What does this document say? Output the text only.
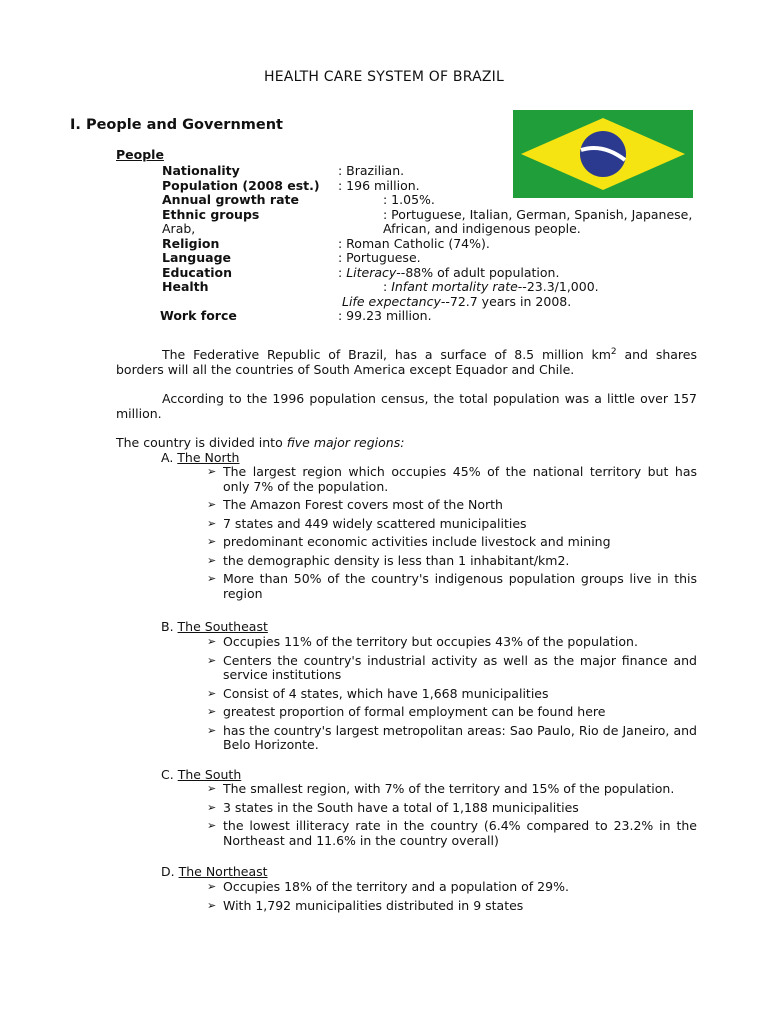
HEALTH CARE SYSTEM OF BRAZIL
I. People and Government
People
Nationality	: Brazilian.
Population (2008 est.) : 196 million.
Annual growth rate	: 1.05%.
Ethnic groups	: Portuguese, Italian, German, Spanish, Japanese,
Arab,	African, and indigenous people.
Religion	: Roman Catholic (74%).
Language	: Portuguese.
Education	: Literacy--88% of adult population.
Health	: Infant mortality rate--23.3/1,000.
Life expectancy--72.7 years in 2008.
Work force	: 99.23 million.
The Federative Republic of Brazil, has a surface of 8.5 million $km^2$ and shares borders will all the countries of South America except Equador and Chile.
According to the 1996 population census, the total population was a little over 157 million.
The country is divided into five major regions:
A. The North
➢ The largest region which occupies 45% of the national territory but has only 7% of the population.
➢ The Amazon Forest covers most of the North
➢ 7 states and 449 widely scattered municipalities
➢ predominant economic activities include livestock and mining
➢ the demographic density is less than 1 inhabitant/km2.
➢ More than 50% of the country's indigenous population groups live in this region
B. The Southeast
➢ Occupies 11% of the territory but occupies 43% of the population.
➢ Centers the country's industrial activity as well as the major finance and service institutions
➢ Consist of 4 states, which have 1,668 municipalities
➢ greatest proportion of formal employment can be found here
➢ has the country's largest metropolitan areas: Sao Paulo, Rio de Janeiro, and Belo Horizonte.
C. The South
➢ The smallest region, with 7% of the territory and 15% of the population.
➢ 3 states in the South have a total of 1,188 municipalities
➢ the lowest illiteracy rate in the country (6.4% compared to 23.2% in the Northeast and 11.6% in the country overall)
D. The Northeast
➢ Occupies 18% of the territory and a population of 29%.
➢ With 1,792 municipalities distributed in 9 states
